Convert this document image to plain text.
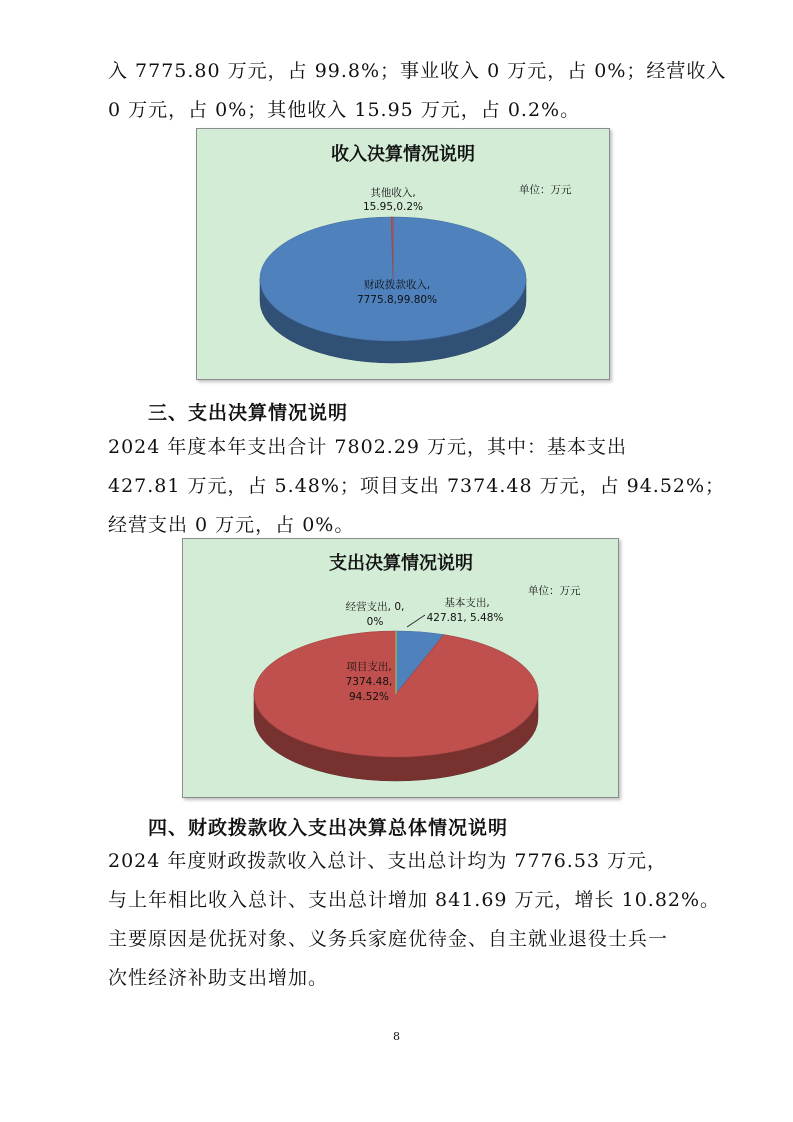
入 7775.80 万元，占 99.8%；事业收入 0 万元，占 0%；经营收入

0 万元，占 0%；其他收入 15.95 万元，占 0.2%。

收入决算情况说明
单位：万元
其他收入,
15.95,0.2%
财政拨款收入,
7775.8,99.80%
三、支出决算情况说明

2024 年度本年支出合计 7802.29 万元，其中：基本支出

427.81 万元，占 5.48%；项目支出 7374.48 万元，占 94.52%；

经营支出 0 万元，占 0%。

支出决算情况说明
单位：万元
经营支出, 0,
0%
基本支出,
427.81, 5.48%
项目支出,
7374.48,
94.52%
四、财政拨款收入支出决算总体情况说明

2024 年度财政拨款收入总计、支出总计均为 7776.53 万元，

与上年相比收入总计、支出总计增加 841.69 万元，增长 10.82%。

主要原因是优抚对象、义务兵家庭优待金、自主就业退役士兵一

次性经济补助支出增加。

8
